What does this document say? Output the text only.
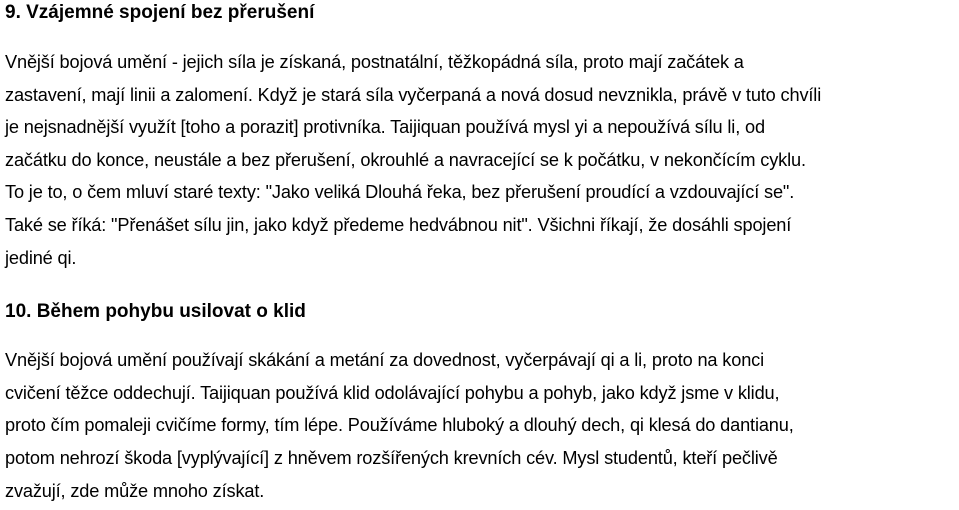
9. Vzájemné spojení bez přerušení

Vnější bojová umění - jejich síla je získaná, postnatální, těžkopádná síla, proto mají začátek a
zastavení, mají linii a zalomení. Když je stará síla vyčerpaná a nová dosud nevznikla, právě v tuto chvíli
je nejsnadnější využít [toho a porazit] protivníka. Taijiquan používá mysl yi a nepoužívá sílu li, od
začátku do konce, neustále a bez přerušení, okrouhlé a navracející se k počátku, v nekončícím cyklu.
To je to, o čem mluví staré texty: "Jako veliká Dlouhá řeka, bez přerušení proudící a vzdouvající se".
Také se říká: "Přenášet sílu jin, jako když předeme hedvábnou nit". Všichni říkají, že dosáhli spojení
jediné qi.

10. Během pohybu usilovat o klid

Vnější bojová umění používají skákání a metání za dovednost, vyčerpávají qi a li, proto na konci
cvičení těžce oddechují. Taijiquan používá klid odolávající pohybu a pohyb, jako když jsme v klidu,
proto čím pomaleji cvičíme formy, tím lépe. Používáme hluboký a dlouhý dech, qi klesá do dantianu,
potom nehrozí škoda [vyplývající] z hněvem rozšířených krevních cév. Mysl studentů, kteří pečlivě
zvažují, zde může mnoho získat.
